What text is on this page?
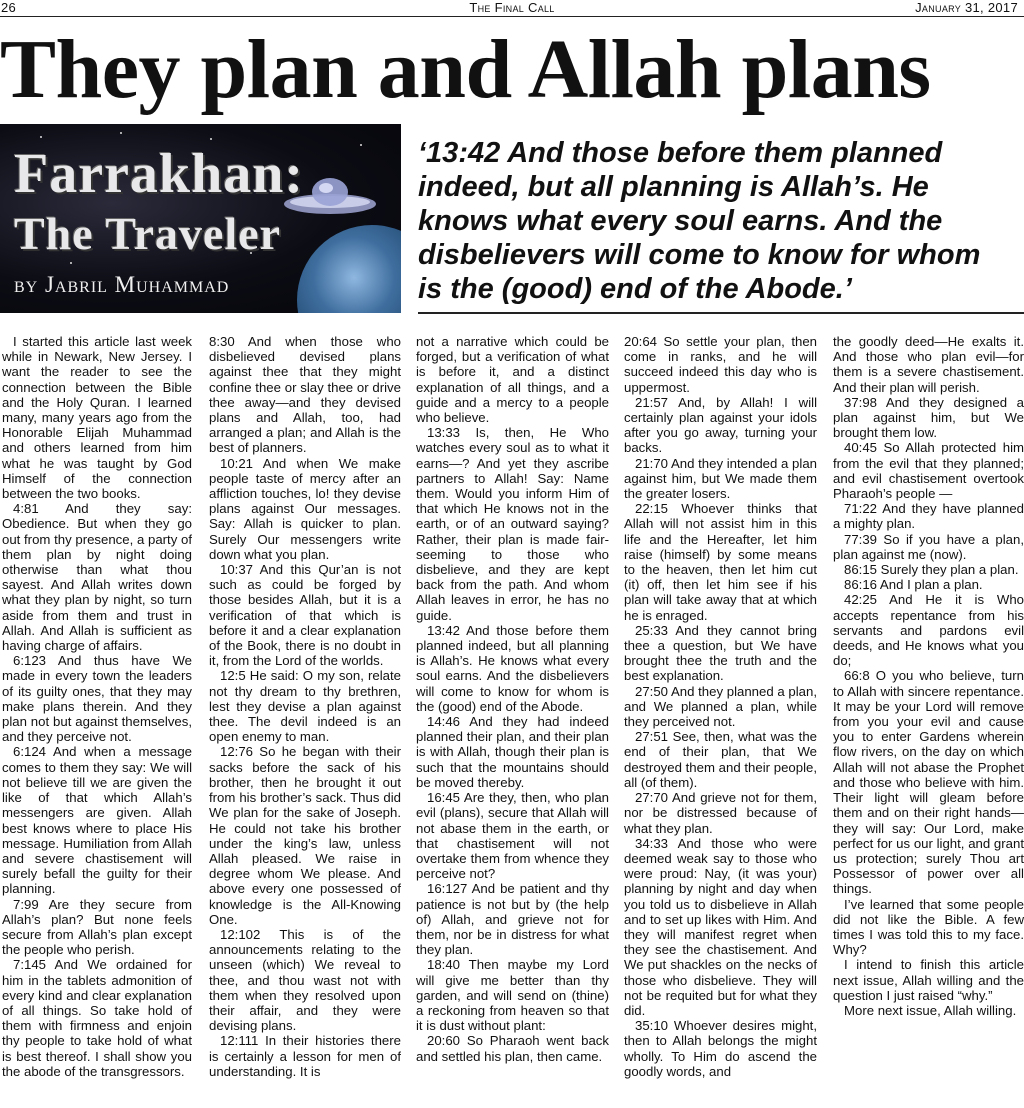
26	The Final Call	January 31, 2017
They plan and Allah plans
Farrakhan:
The Traveler
by Jabril Muhammad
‘13:42 And those before them planned
indeed, but all planning is Allah’s. He
knows what every soul earns. And the
disbelievers will come to know for whom
is the (good) end of the Abode.’

I started this article last week while in Newark, New Jersey. I want the reader to see the connection between the Bible and the Holy Quran. I learned many, many years ago from the Honorable Elijah Muhammad and others learned from him what he was taught by God Himself of the connection between the two books.

4:81 And they say: Obedience. But when they go out from thy presence, a party of them plan by night doing otherwise than what thou sayest. And Allah writes down what they plan by night, so turn aside from them and trust in Allah. And Allah is sufficient as having charge of affairs.

6:123 And thus have We made in every town the leaders of its guilty ones, that they may make plans therein. And they plan not but against themselves, and they perceive not.

6:124 And when a message comes to them they say: We will not believe till we are given the like of that which Allah’s messengers are given. Allah best knows where to place His message. Humiliation from Allah and severe chastisement will surely befall the guilty for their planning.

7:99 Are they secure from Allah’s plan? But none feels secure from Allah’s plan except the people who perish.

7:145 And We ordained for him in the tablets admonition of every kind and clear explanation of all things. So take hold of them with firmness and enjoin thy people to take hold of what is best thereof. I shall show you the abode of the transgressors.

8:30 And when those who disbelieved devised plans against thee that they might confine thee or slay thee or drive thee away—and they devised plans and Allah, too, had arranged a plan; and Allah is the best of planners.

10:21 And when We make people taste of mercy after an affliction touches, lo! they devise plans against Our messages. Say: Allah is quicker to plan. Surely Our messengers write down what you plan.

10:37 And this Qur’an is not such as could be forged by those besides Allah, but it is a verification of that which is before it and a clear explanation of the Book, there is no doubt in it, from the Lord of the worlds.

12:5 He said: O my son, relate not thy dream to thy brethren, lest they devise a plan against thee. The devil indeed is an open enemy to man.

12:76 So he began with their sacks before the sack of his brother, then he brought it out from his brother’s sack. Thus did We plan for the sake of Joseph. He could not take his brother under the king’s law, unless Allah pleased. We raise in degree whom We please. And above every one possessed of knowledge is the All-Knowing One.

12:102 This is of the announcements relating to the unseen (which) We reveal to thee, and thou wast not with them when they resolved upon their affair, and they were devising plans.

12:111 In their histories there is certainly a lesson for men of understanding. It is

not a narrative which could be forged, but a verification of what is before it, and a distinct explanation of all things, and a guide and a mercy to a people who believe.

13:33 Is, then, He Who watches every soul as to what it earns—? And yet they ascribe partners to Allah! Say: Name them. Would you inform Him of that which He knows not in the earth, or of an outward saying? Rather, their plan is made fair-seeming to those who disbelieve, and they are kept back from the path. And whom Allah leaves in error, he has no guide.

13:42 And those before them planned indeed, but all planning is Allah’s. He knows what every soul earns. And the disbelievers will come to know for whom is the (good) end of the Abode.

14:46 And they had indeed planned their plan, and their plan is with Allah, though their plan is such that the mountains should be moved thereby.

16:45 Are they, then, who plan evil (plans), secure that Allah will not abase them in the earth, or that chastisement will not overtake them from whence they perceive not?

16:127 And be patient and thy patience is not but by (the help of) Allah, and grieve not for them, nor be in distress for what they plan.

18:40 Then maybe my Lord will give me better than thy garden, and will send on (thine) a reckoning from heaven so that it is dust without plant:

20:60 So Pharaoh went back and settled his plan, then came.

20:64 So settle your plan, then come in ranks, and he will succeed indeed this day who is uppermost.

21:57 And, by Allah! I will certainly plan against your idols after you go away, turning your backs.

21:70 And they intended a plan against him, but We made them the greater losers.

22:15 Whoever thinks that Allah will not assist him in this life and the Hereafter, let him raise (himself) by some means to the heaven, then let him cut (it) off, then let him see if his plan will take away that at which he is enraged.

25:33 And they cannot bring thee a question, but We have brought thee the truth and the best explanation.

27:50 And they planned a plan, and We planned a plan, while they perceived not.

27:51 See, then, what was the end of their plan, that We destroyed them and their people, all (of them).

27:70 And grieve not for them, nor be distressed because of what they plan.

34:33 And those who were deemed weak say to those who were proud: Nay, (it was your) planning by night and day when you told us to disbelieve in Allah and to set up likes with Him. And they will manifest regret when they see the chastisement. And We put shackles on the necks of those who disbelieve. They will not be requited but for what they did.

35:10 Whoever desires might, then to Allah belongs the might wholly. To Him do ascend the goodly words, and

the goodly deed—He exalts it. And those who plan evil—for them is a severe chastisement. And their plan will perish.

37:98 And they designed a plan against him, but We brought them low.

40:45 So Allah protected him from the evil that they planned; and evil chastisement overtook Pharaoh’s people —

71:22 And they have planned a mighty plan.

77:39 So if you have a plan, plan against me (now).

86:15 Surely they plan a plan.

86:16 And I plan a plan.

42:25 And He it is Who accepts repentance from his servants and pardons evil deeds, and He knows what you do;

66:8 O you who believe, turn to Allah with sincere repentance. It may be your Lord will remove from you your evil and cause you to enter Gardens wherein flow rivers, on the day on which Allah will not abase the Prophet and those who believe with him. Their light will gleam before them and on their right hands—they will say: Our Lord, make perfect for us our light, and grant us protection; surely Thou art Possessor of power over all things.

I’ve learned that some people did not like the Bible. A few times I was told this to my face. Why?

I intend to finish this article next issue, Allah willing and the question I just raised “why.”

More next issue, Allah willing.
